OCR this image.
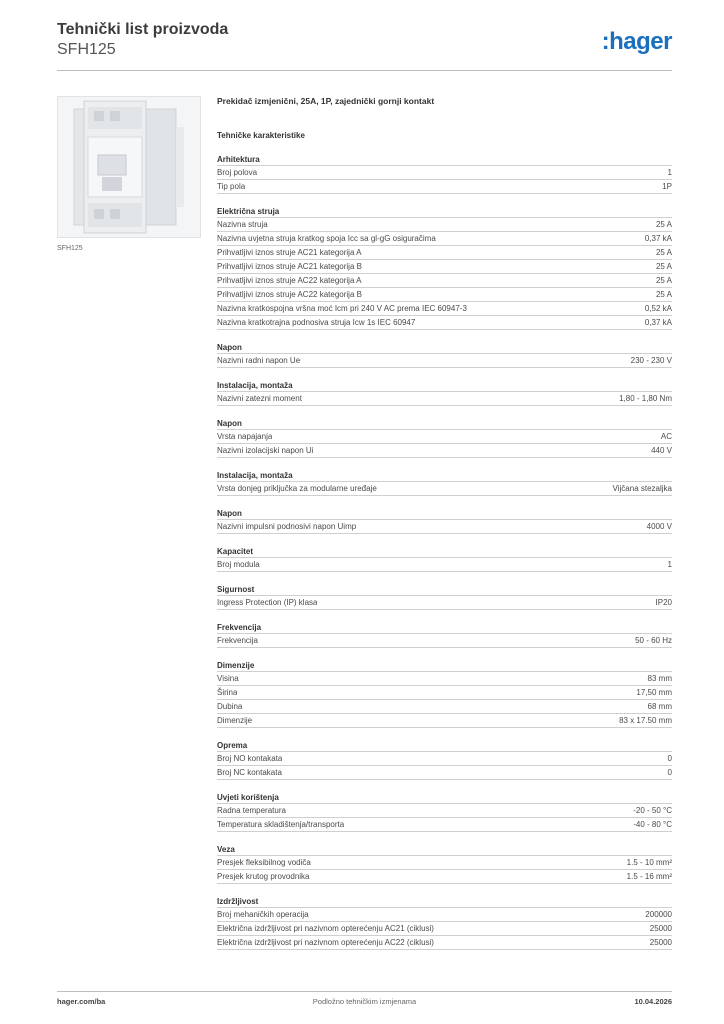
Tehnički list proizvoda
SFH125	:hager
SFH125
Prekidač izmjenični, 25A, 1P, zajednički gornji kontakt
Tehničke karakteristike
Arhitektura
Broj polova	1
Tip pola	1P
Električna struja
Nazivna struja	25 A
Nazivna uvjetna struja kratkog spoja Icc sa gl-gG osiguračima	0,37 kA
Prihvatljivi iznos struje AC21 kategorija A	25 A
Prihvatljivi iznos struje AC21 kategorija B	25 A
Prihvatljivi iznos struje AC22 kategorija A	25 A
Prihvatljivi iznos struje AC22 kategorija B	25 A
Nazivna kratkospojna vršna moć Icm pri 240 V AC prema IEC 60947-3	0,52 kA
Nazivna kratkotrajna podnosiva struja Icw 1s IEC 60947	0,37 kA
Napon
Nazivni radni napon Ue	230 - 230 V
Instalacija, montaža
Nazivni zatezni moment	1,80 - 1,80 Nm
Napon
Vrsta napajanja	AC
Nazivni izolacijski napon Ui	440 V
Instalacija, montaža
Vrsta donjeg priključka za modularne uređaje	Vijčana stezaljka
Napon
Nazivni impulsni podnosivi napon Uimp	4000 V
Kapacitet
Broj modula	1
Sigurnost
Ingress Protection (IP) klasa	IP20
Frekvencija
Frekvencija	50 - 60 Hz
Dimenzije
Visina	83 mm
Širina	17,50 mm
Dubina	68 mm
Dimenzije	83 x 17.50 mm
Oprema
Broj NO kontakata	0
Broj NC kontakata	0
Uvjeti korištenja
Radna temperatura	-20 - 50 °C
Temperatura skladištenja/transporta	-40 - 80 °C
Veza
Presjek fleksibilnog vodiča	1.5 - 10 mm²
Presjek krutog provodnika	1.5 - 16 mm²
Izdržljivost
Broj mehaničkih operacija	200000
Električna izdržljivost pri nazivnom opterećenju AC21 (ciklusi)	25000
Električna izdržljivost pri nazivnom opterećenju AC22 (ciklusi)	25000
hager.com/ba	Podložno tehničkim izmjenama	10.04.2026
